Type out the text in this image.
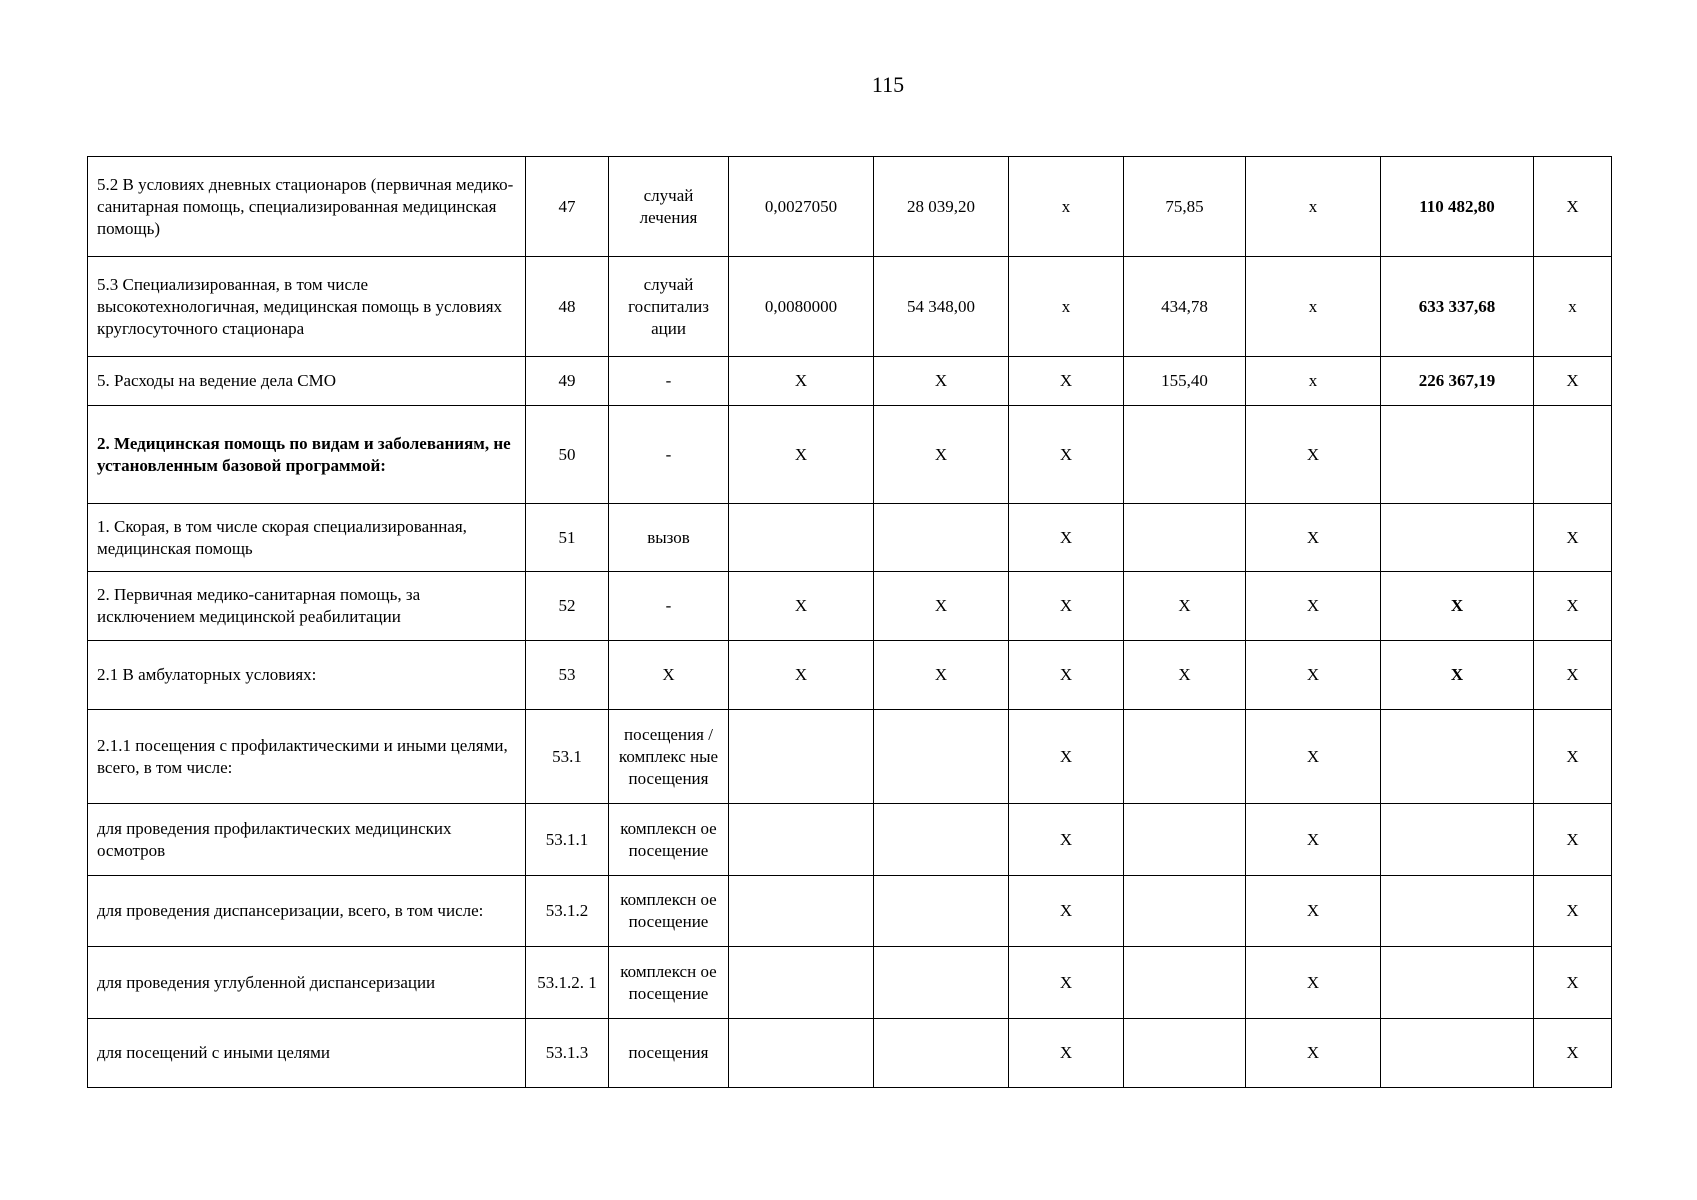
115
5.2 В условиях дневных стационаров (первичная медико-санитарная помощь, специализированная медицинская помощь)	47	случай лечения	0,0027050	28 039,20	x	75,85	x	110 482,80	X
5.3 Специализированная, в том числе высокотехнологичная, медицинская помощь в условиях круглосуточного стационара	48	случай госпитализ ации	0,0080000	54 348,00	x	434,78	x	633 337,68	x
5. Расходы на ведение дела СМО	49	-	X	X	X	155,40	x	226 367,19	X
2. Медицинская помощь по видам и заболеваниям, не установленным базовой программой:	50	-	X	X	X		X		
1. Скорая, в том числе скорая специализированная, медицинская помощь	51	вызов			X		X		X
2. Первичная медико-санитарная помощь, за исключением медицинской реабилитации	52	-	X	X	X	X	X	X	X
2.1 В амбулаторных условиях:	53	X	X	X	X	X	X	X	X
2.1.1 посещения с профилактическими и иными целями, всего, в том числе:	53.1	посещения /комплекс ные посещения			X		X		X
для проведения профилактических медицинских осмотров	53.1.1	комплексн ое посещение			X		X		X
для проведения диспансеризации, всего, в том числе:	53.1.2	комплексн ое посещение			X		X		X
для проведения углубленной диспансеризации	53.1.2. 1	комплексн ое посещение			X		X		X
для посещений с иными целями	53.1.3	посещения			X		X		X
